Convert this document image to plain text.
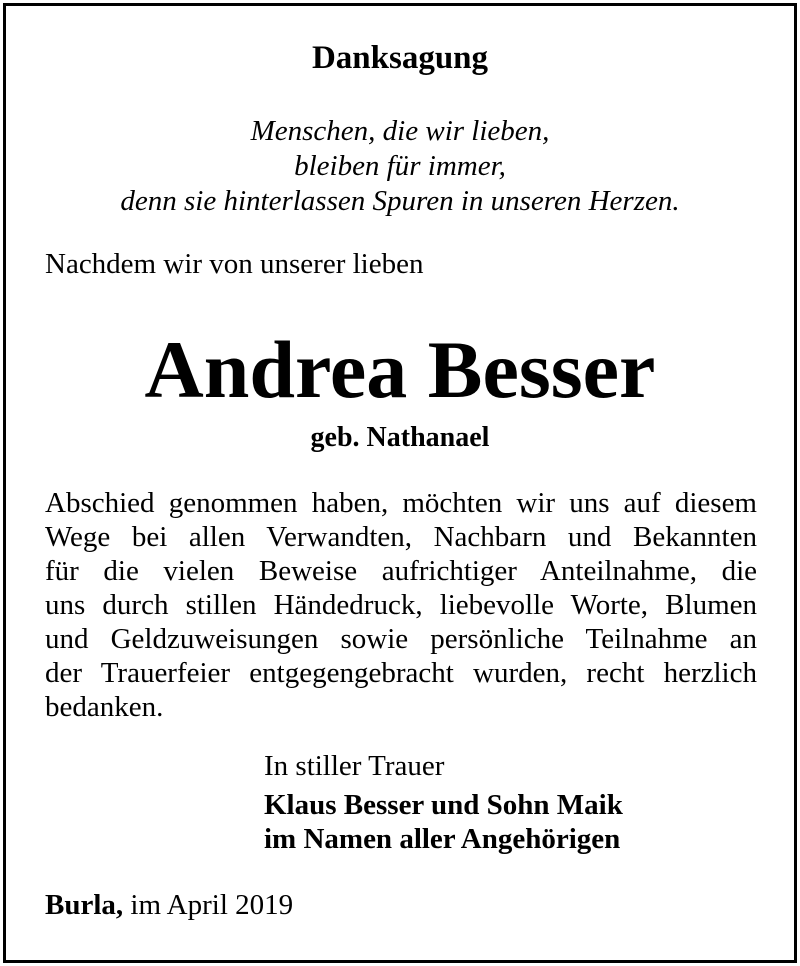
Danksagung
Menschen, die wir lieben,
bleiben für immer,
denn sie hinterlassen Spuren in unseren Herzen.
Nachdem wir von unserer lieben
Andrea Besser
geb. Nathanael
Abschied genommen haben, möchten wir uns auf diesem
Wege bei allen Verwandten, Nachbarn und Bekannten
für die vielen Beweise aufrichtiger Anteilnahme, die
uns durch stillen Händedruck, liebevolle Worte, Blumen
und Geldzuweisungen sowie persönliche Teilnahme an
der Trauerfeier entgegengebracht wurden, recht herzlich
bedanken.
In stiller Trauer
Klaus Besser und Sohn Maik
im Namen aller Angehörigen
Burla, im April 2019
